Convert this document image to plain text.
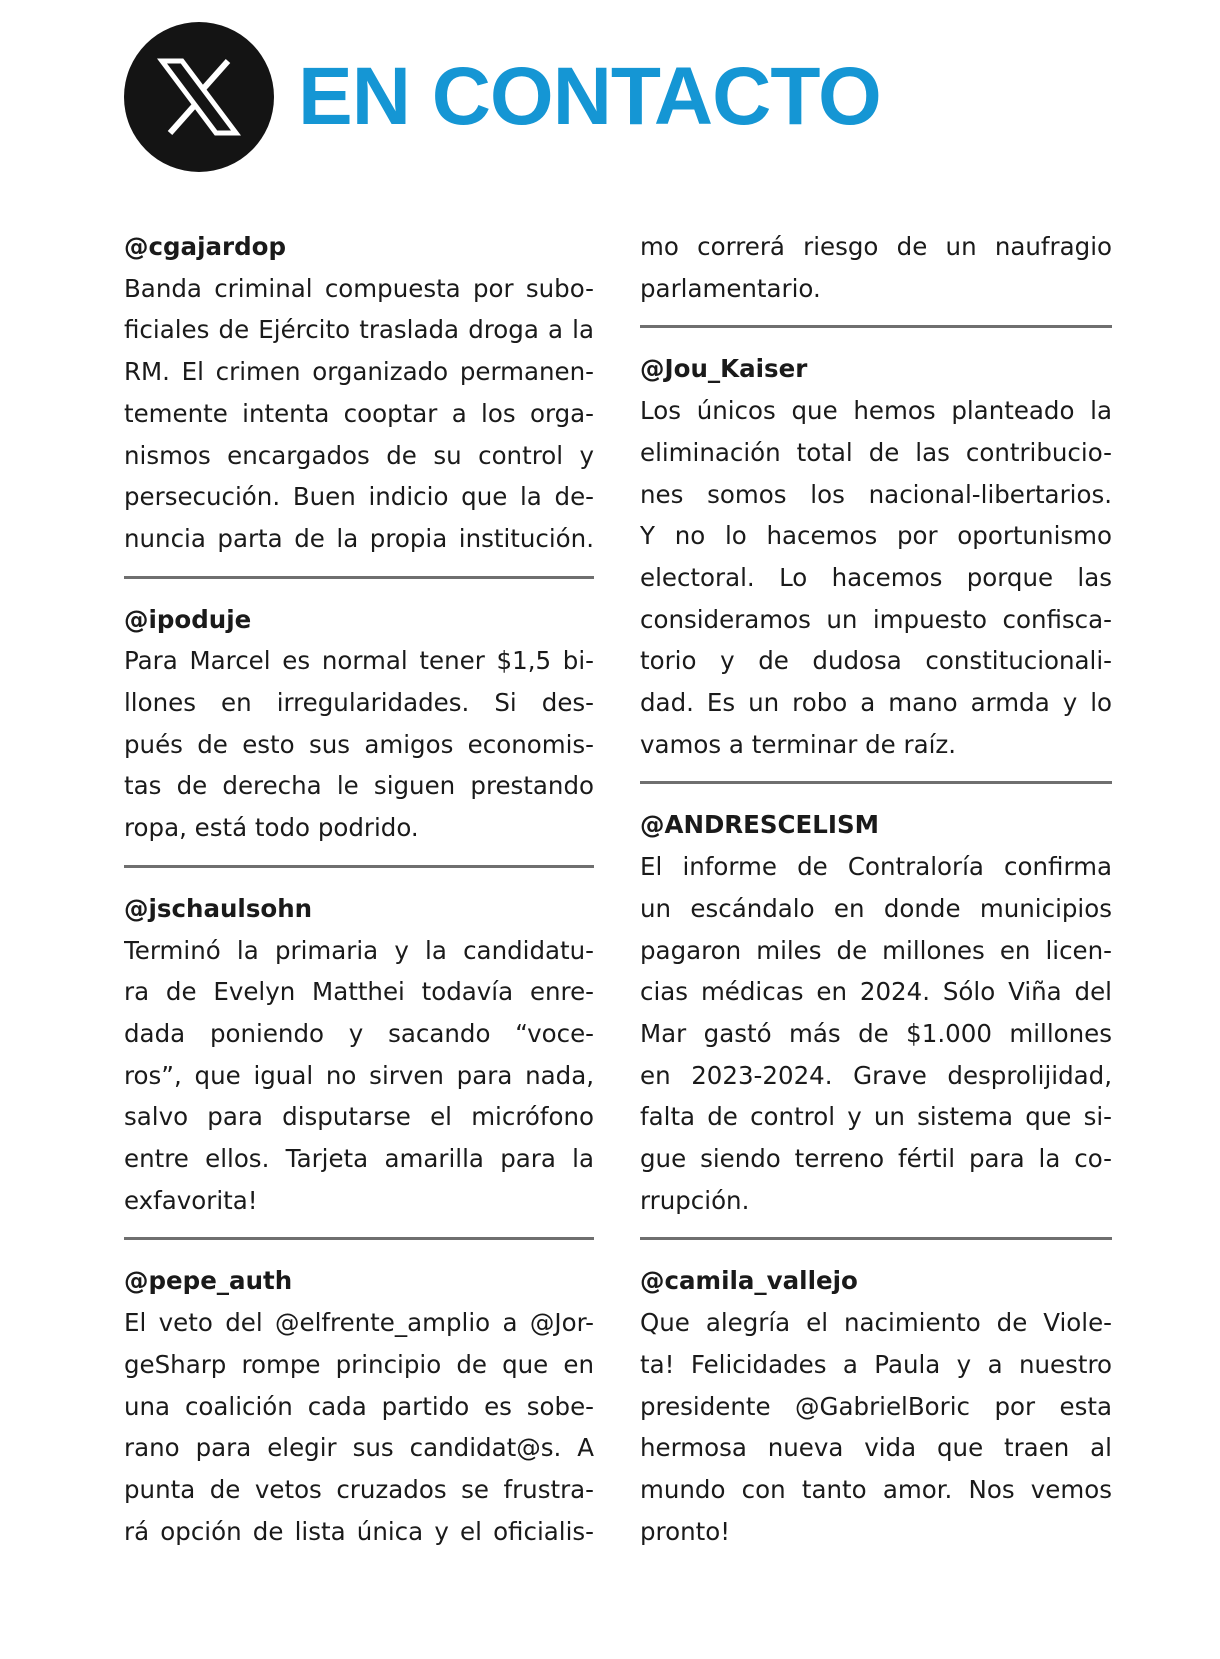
EN CONTACTO
@cgajardop
Banda criminal compuesta por subo-
ficiales de Ejército traslada droga a la
RM. El crimen organizado permanen-
temente intenta cooptar a los orga-
nismos encargados de su control y
persecución. Buen indicio que la de-
nuncia parta de la propia institución.
@ipoduje
Para Marcel es normal tener $1,5 bi-
llones en irregularidades. Si des-
pués de esto sus amigos economis-
tas de derecha le siguen prestando
ropa, está todo podrido.
@jschaulsohn
Terminó la primaria y la candidatu-
ra de Evelyn Matthei todavía enre-
dada poniendo y sacando “voce-
ros”, que igual no sirven para nada,
salvo para disputarse el micrófono
entre ellos. Tarjeta amarilla para la
exfavorita!
@pepe_auth
El veto del @elfrente_amplio a @Jor-
geSharp rompe principio de que en
una coalición cada partido es sobe-
rano para elegir sus candidat@s. A
punta de vetos cruzados se frustra-
rá opción de lista única y el oficialis-
mo correrá riesgo de un naufragio
parlamentario.
@Jou_Kaiser
Los únicos que hemos planteado la
eliminación total de las contribucio-
nes somos los nacional-libertarios.
Y no lo hacemos por oportunismo
electoral. Lo hacemos porque las
consideramos un impuesto confisca-
torio y de dudosa constitucionali-
dad. Es un robo a mano armda y lo
vamos a terminar de raíz.
@ANDRESCELISM
El informe de Contraloría confirma
un escándalo en donde municipios
pagaron miles de millones en licen-
cias médicas en 2024. Sólo Viña del
Mar gastó más de $1.000 millones
en 2023-2024. Grave desprolijidad,
falta de control y un sistema que si-
gue siendo terreno fértil para la co-
rrupción.
@camila_vallejo
Que alegría el nacimiento de Viole-
ta! Felicidades a Paula y a nuestro
presidente @GabrielBoric por esta
hermosa nueva vida que traen al
mundo con tanto amor. Nos vemos
pronto!
